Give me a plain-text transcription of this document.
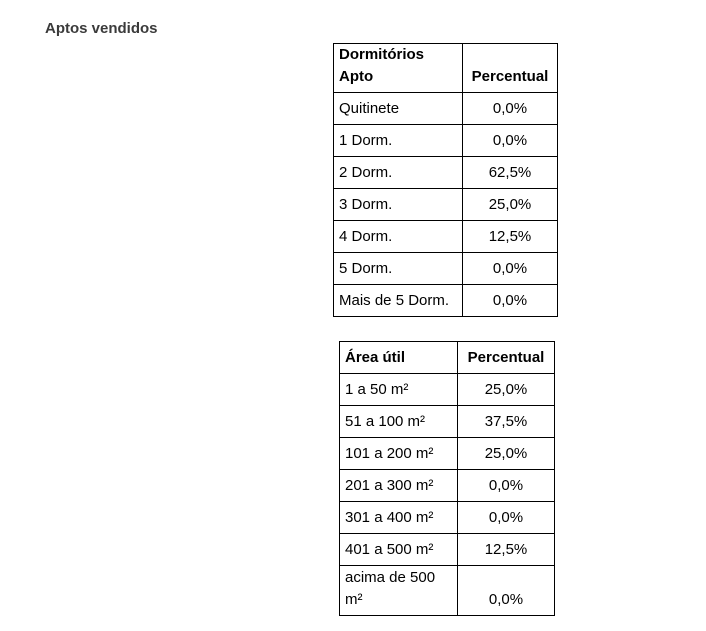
Aptos vendidos
Dormitórios Apto	Percentual
Quitinete	0,0%
1 Dorm.	0,0%
2 Dorm.	62,5%
3 Dorm.	25,0%
4 Dorm.	12,5%
5 Dorm.	0,0%
Mais de 5 Dorm.	0,0%
Área útil	Percentual
1 a 50 m²	25,0%
51 a 100 m²	37,5%
101 a 200 m²	25,0%
201 a 300 m²	0,0%
301 a 400 m²	0,0%
401 a 500 m²	12,5%
acima de 500 m²	0,0%
